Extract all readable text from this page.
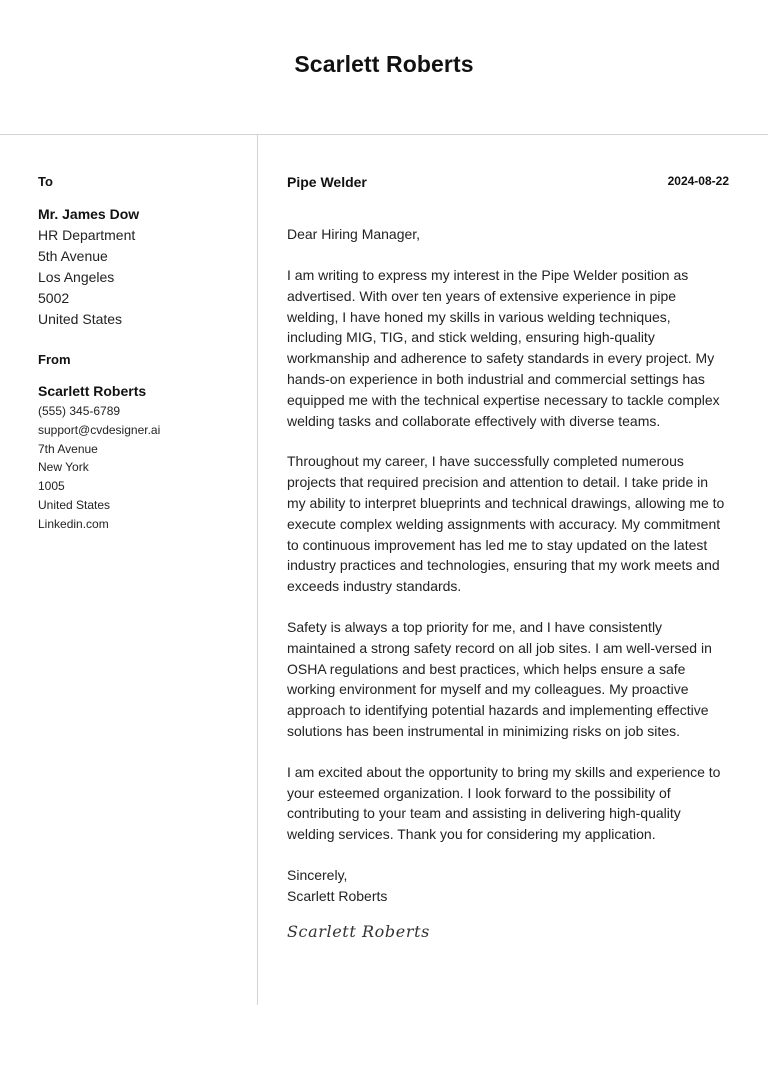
Scarlett Roberts
To
Mr. James Dow
HR Department
5th Avenue
Los Angeles
5002
United States
From
Scarlett Roberts
(555) 345-6789
support@cvdesigner.ai
7th Avenue
New York
1005
United States
Linkedin.com
Pipe Welder	2024-08-22
Dear Hiring Manager,
I am writing to express my interest in the Pipe Welder position as advertised. With over ten years of extensive experience in pipe welding, I have honed my skills in various welding techniques, including MIG, TIG, and stick welding, ensuring high-quality workmanship and adherence to safety standards in every project. My hands-on experience in both industrial and commercial settings has equipped me with the technical expertise necessary to tackle complex welding tasks and collaborate effectively with diverse teams.
Throughout my career, I have successfully completed numerous projects that required precision and attention to detail. I take pride in my ability to interpret blueprints and technical drawings, allowing me to execute complex welding assignments with accuracy. My commitment to continuous improvement has led me to stay updated on the latest industry practices and technologies, ensuring that my work meets and exceeds industry standards.
Safety is always a top priority for me, and I have consistently maintained a strong safety record on all job sites. I am well-versed in OSHA regulations and best practices, which helps ensure a safe working environment for myself and my colleagues. My proactive approach to identifying potential hazards and implementing effective solutions has been instrumental in minimizing risks on job sites.
I am excited about the opportunity to bring my skills and experience to your esteemed organization. I look forward to the possibility of contributing to your team and assisting in delivering high-quality welding services. Thank you for considering my application.
Sincerely,
Scarlett Roberts
Scarlett Roberts
